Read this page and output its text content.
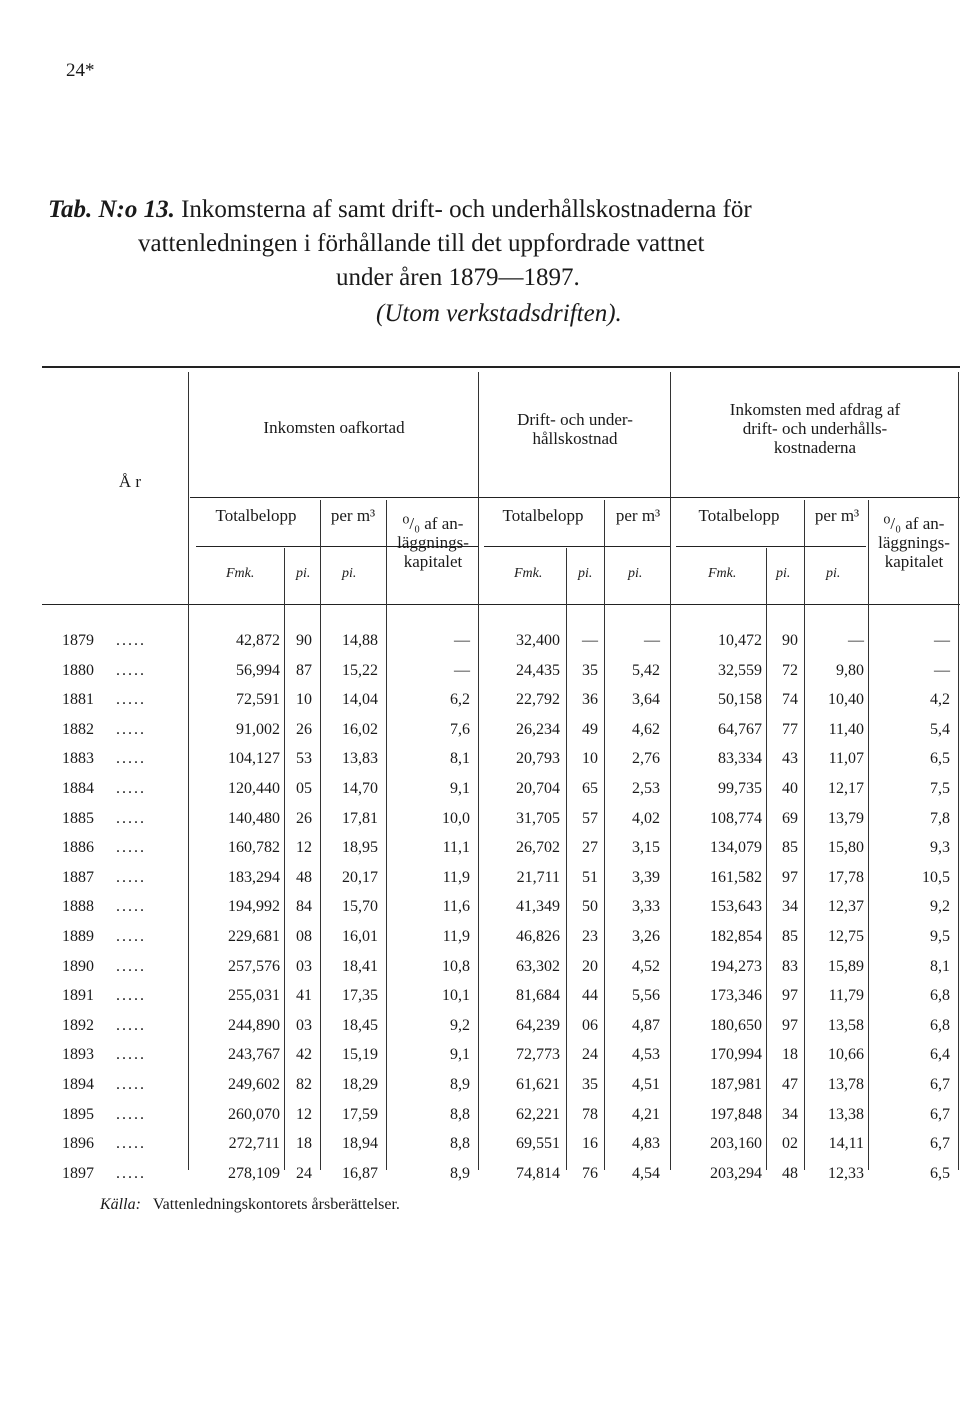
24*
Tab. N:o 13. Inkomsterna af samt drift- och underhållskostnaderna för
vattenledningen i förhållande till det uppfordrade vattnet
under åren 1879—1897.
(Utom verkstadsdriften).
Å r
Inkomsten oafkortad	Drift- och under-
hållskostnad
Inkomsten med afdrag af
drift- och underhålls-
kostnaderna
Totalbelopp	per m³	⁰/₀ af an-
läggnings-
kapitalet
Totalbelopp	per m³	Totalbelopp	per m³	⁰/₀ af an-
läggnings-
kapitalet
Fmk.	pi. pi.	Fmk.	pi.	pi.	Fmk.	pi.	pi.
1879 .....	42,872 90 14,88	—	32,400 —	—	10,472 90	—	—
1880 .....	56,994 87 15,22	—	24,435 35 5,42	32,559 72 9,80	—
1881 .....	72,591 10 14,04	6,2	22,792 36 3,64	50,158 74 10,40	4,2
1882 .....	91,002 26 16,02	7,6	26,234 49 4,62	64,767 77 11,40	5,4
1883 .....	104,127 53 13,83	8,1	20,793 10 2,76	83,334 43 11,07	6,5
1884 .....	120,440 05 14,70	9,1	20,704 65 2,53	99,735 40 12,17	7,5
1885 .....	140,480 26 17,81	10,0	31,705 57 4,02	108,774 69 13,79	7,8
1886 .....	160,782 12 18,95	11,1	26,702 27 3,15	134,079 85 15,80	9,3
1887 .....	183,294 48 20,17	11,9	21,711 51 3,39	161,582 97 17,78	10,5
1888 .....	194,992 84 15,70	11,6	41,349 50 3,33	153,643 34 12,37	9,2
1889 .....	229,681 08 16,01	11,9	46,826 23 3,26	182,854 85 12,75	9,5
1890 .....	257,576 03 18,41	10,8	63,302 20 4,52	194,273 83 15,89	8,1
1891 .....	255,031 41 17,35	10,1	81,684 44 5,56	173,346 97 11,79	6,8
1892 .....	244,890 03 18,45	9,2	64,239 06 4,87	180,650 97 13,58	6,8
1893 .....	243,767 42 15,19	9,1	72,773 24 4,53	170,994 18 10,66	6,4
1894 .....	249,602 82 18,29	8,9	61,621 35 4,51	187,981 47 13,78	6,7
1895 .....	260,070 12 17,59	8,8	62,221 78 4,21	197,848 34 13,38	6,7
1896 .....	272,711 18 18,94	8,8	69,551 16 4,83	203,160 02 14,11	6,7
1897 .....	278,109 24 16,87	8,9	74,814 76 4,54	203,294 48 12,33	6,5
Källa: Vattenledningskontorets årsberättelser.
